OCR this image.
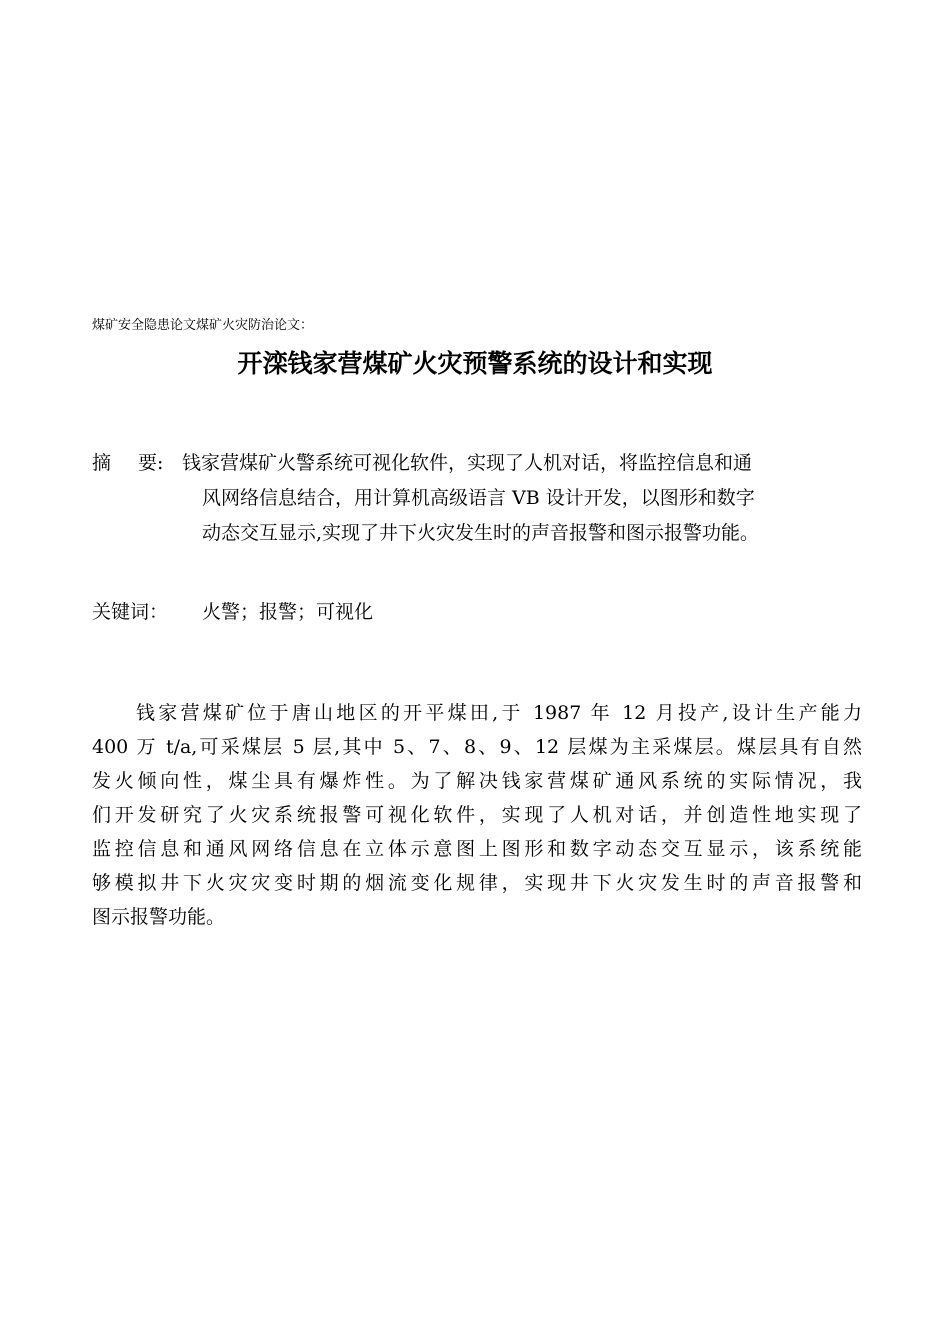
煤矿安全隐患论文煤矿火灾防治论文：
开滦钱家营煤矿火灾预警系统的设计和实现
摘 要: 钱家营煤矿火警系统可视化软件，实现了人机对话，将监控信息和通
风网络信息结合，用计算机高级语言 VB 设计开发，以图形和数字
动态交互显示,实现了井下火灾发生时的声音报警和图示报警功能。
关键词： 火警；报警；可视化
钱家营煤矿位于唐山地区的开平煤田,于 1987 年 12 月投产,设计生产能力
400 万 t/a,可采煤层 5 层,其中 5、7、8、9、12 层煤为主采煤层。煤层具有自然
发火倾向性，煤尘具有爆炸性。为了解决钱家营煤矿通风系统的实际情况，我
们开发研究了火灾系统报警可视化软件，实现了人机对话，并创造性地实现了
监控信息和通风网络信息在立体示意图上图形和数字动态交互显示，该系统能
够模拟井下火灾灾变时期的烟流变化规律，实现井下火灾发生时的声音报警和
图示报警功能。
